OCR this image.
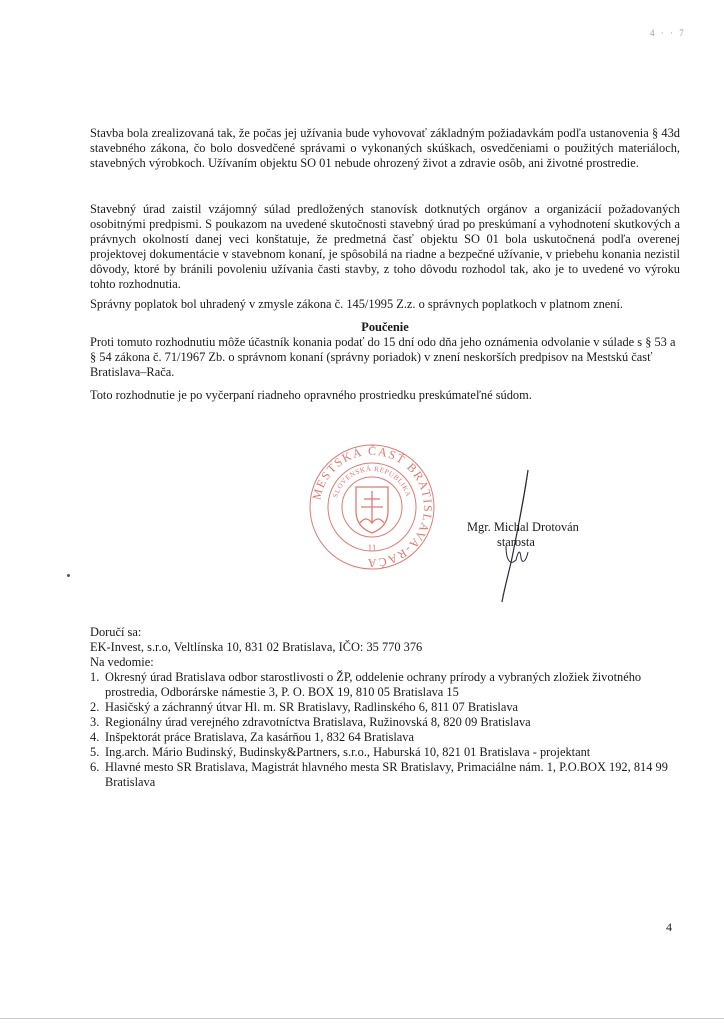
4 · · 7

Stavba bola zrealizovaná tak, že počas jej užívania bude vyhovovať základným požiadavkám podľa ustanovenia § 43d stavebného zákona, čo bolo dosvedčené správami o vykonaných skúškach, osvedčeniami o použitých materiáloch, stavebných výrobkoch. Užívaním objektu SO 01 nebude ohrozený život a zdravie osôb, ani životné prostredie.

Stavebný úrad zaistil vzájomný súlad predložených stanovísk dotknutých orgánov a organizácií požadovaných osobitnými predpismi. S poukazom na uvedené skutočnosti stavebný úrad po preskúmaní a vyhodnotení skutkových a právnych okolností danej veci konštatuje, že predmetná časť objektu SO 01 bola uskutočnená podľa overenej projektovej dokumentácie v stavebnom konaní, je spôsobilá na riadne a bezpečné užívanie, v priebehu konania nezistil dôvody, ktoré by bránili povoleniu užívania časti stavby, z toho dôvodu rozhodol tak, ako je to uvedené vo výroku tohto rozhodnutia.

Správny poplatok bol uhradený v zmysle zákona č. 145/1995 Z.z. o správnych poplatkoch v platnom znení.

Poučenie

Proti tomuto rozhodnutiu môže účastník konania podať do 15 dní odo dňa jeho oznámenia odvolanie v súlade s § 53 a § 54 zákona č. 71/1967 Zb. o správnom konaní (správny poriadok) v znení neskorších predpisov na Mestskú časť Bratislava–Rača.

Toto rozhodnutie je po vyčerpaní riadneho opravného prostriedku preskúmateľné súdom.

MESTSKÁ ČASŤ BRATISLAVA-RAČA
SLOVENSKÁ REPUBLIKA
11
Mgr. Michal Drotován
starosta
Doručí sa:
EK-Invest, s.r.o, Veltlínska 10, 831 02 Bratislava, IČO: 35 770 376
Na vedomie:
1. Okresný úrad Bratislava odbor starostlivosti o ŽP, oddelenie ochrany prírody a vybraných zložiek životného prostredia, Odborárske námestie 3, P. O. BOX 19, 810 05 Bratislava 15
2. Hasičský a záchranný útvar Hl. m. SR Bratislavy, Radlinského 6, 811 07 Bratislava
3. Regionálny úrad verejného zdravotníctva Bratislava, Ružinovská 8, 820 09 Bratislava
4. Inšpektorát práce Bratislava, Za kasárňou 1, 832 64 Bratislava
5. Ing.arch. Mário Budinský, Budinsky&Partners, s.r.o., Haburská 10, 821 01 Bratislava - projektant
6. Hlavné mesto SR Bratislava, Magistrát hlavného mesta SR Bratislavy, Primaciálne nám. 1, P.O.BOX 192, 814 99 Bratislava
4
